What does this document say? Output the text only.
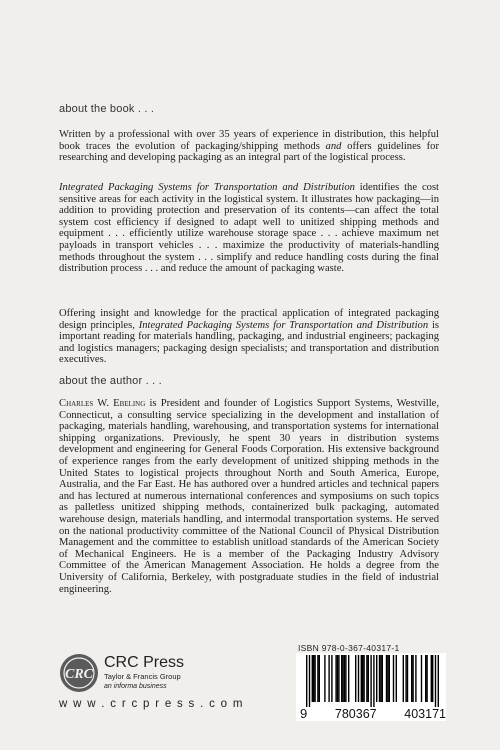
about the book . . .

Written by a professional with over 35 years of experience in distribution, this helpful book traces the evolution of packaging/shipping methods and offers guidelines for researching and developing packaging as an integral part of the logistical process.

Integrated Packaging Systems for Transportation and Distribution identifies the cost sensitive areas for each activity in the logistical system. It illustrates how packaging—in addition to providing protection and preservation of its contents—can affect the total system cost efficiency if designed to adapt well to unitized shipping methods and equipment . . . efficiently utilize warehouse storage space . . . achieve maximum net payloads in transport vehicles . . . maximize the productivity of materials-handling methods throughout the system . . . simplify and reduce handling costs during the final distribution process . . . and reduce the amount of packaging waste.

Offering insight and knowledge for the practical application of integrated packaging design principles, Integrated Packaging Systems for Transportation and Distribution is important reading for materials handling, packaging, and industrial engineers; packaging and logistics managers; packaging design specialists; and transportation and distribution executives.

about the author . . .

Charles W. Ebeling is President and founder of Logistics Support Systems, Westville, Connecticut, a consulting service specializing in the development and installation of packaging, materials handling, warehousing, and transportation systems for international shipping organizations. Previously, he spent 30 years in distribution systems development and engineering for General Foods Corporation. His extensive background of experience ranges from the early development of unitized shipping methods in the United States to logistical projects throughout North and South America, Europe, Australia, and the Far East. He has authored over a hundred articles and technical papers and has lectured at numerous international conferences and symposiums on such topics as palletless unitized shipping methods, containerized bulk packaging, automated warehouse design, materials handling, and intermodal transportation systems. He served on the national productivity committee of the National Council of Physical Distribution Management and the committee to establish unitload standards of the American Society of Mechanical Engineers. He is a member of the Packaging Industry Advisory Committee of the American Management Association. He holds a degree from the University of California, Berkeley, with postgraduate studies in the field of industrial engineering.

CRC
CRC Press
Taylor & Francis Group
an informa business
w w w . c r c p r e s s . c o m
ISBN 978-0-367-40317-1
9 780367 403171
